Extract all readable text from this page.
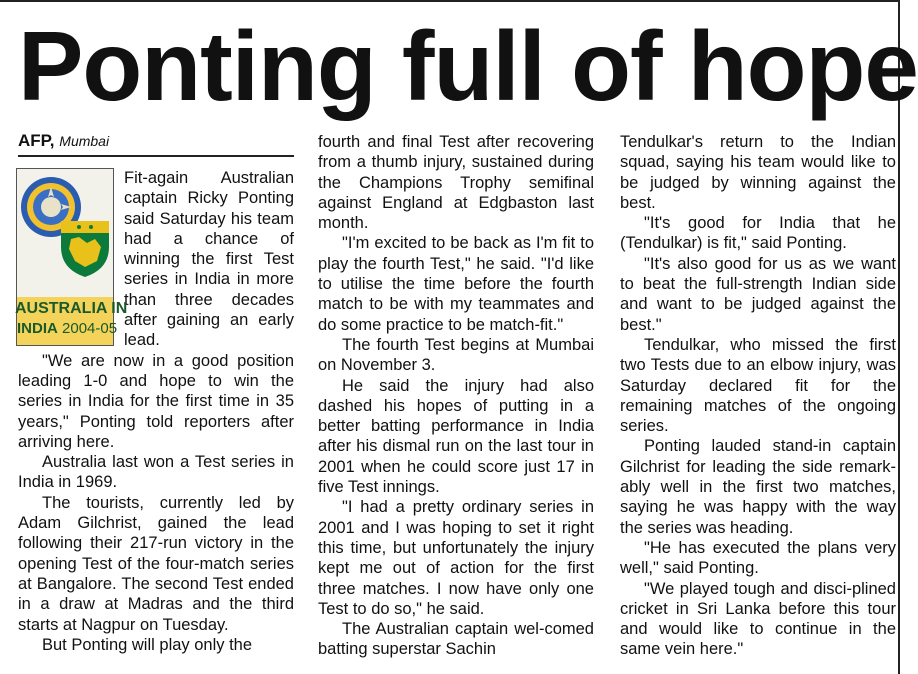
Ponting full of hope
AFP, Mumbai
AUSTRALIA IN
INDIA 2004-05

Fit-again Australian captain Ricky Ponting said Saturday his team had a chance of winning the first Test series in India in more than three decades after gaining an early lead.

"We are now in a good position leading 1-0 and hope to win the series in India for the first time in 35 years," Ponting told reporters after arriving here.

Australia last won a Test series in India in 1969.

The tourists, currently led by Adam Gilchrist, gained the lead following their 217-run victory in the opening Test of the four-match series at Bangalore. The second Test ended in a draw at Madras and the third starts at Nagpur on Tuesday.

But Ponting will play only the

fourth and final Test after recovering from a thumb injury, sustained during the Champions Trophy semifinal against England at Edgbaston last month.

"I'm excited to be back as I'm fit to play the fourth Test," he said. "I'd like to utilise the time before the fourth match to be with my teammates and do some practice to be match-fit."

The fourth Test begins at Mumbai on November 3.

He said the injury had also dashed his hopes of putting in a better batting performance in India after his dismal run on the last tour in 2001 when he could score just 17 in five Test innings.

"I had a pretty ordinary series in 2001 and I was hoping to set it right this time, but unfortunately the injury kept me out of action for the first three matches. I now have only one Test to do so," he said.

The Australian captain wel-comed batting superstar Sachin

Tendulkar's return to the Indian squad, saying his team would like to be judged by winning against the best.

"It's good for India that he (Tendulkar) is fit," said Ponting.

"It's also good for us as we want to beat the full-strength Indian side and want to be judged against the best."

Tendulkar, who missed the first two Tests due to an elbow injury, was Saturday declared fit for the remaining matches of the ongoing series.

Ponting lauded stand-in captain Gilchrist for leading the side remark-ably well in the first two matches, saying he was happy with the way the series was heading.

"He has executed the plans very well," said Ponting.

"We played tough and disci-plined cricket in Sri Lanka before this tour and would like to continue in the same vein here."
